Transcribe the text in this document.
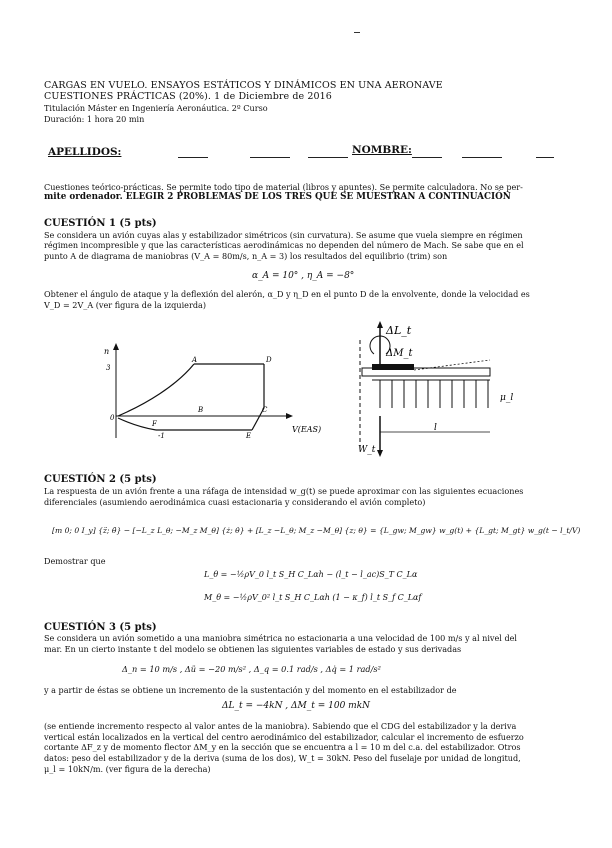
CARGAS EN VUELO. ENSAYOS ESTÁTICOS Y DINÁMICOS EN UNA AERONAVE
CUESTIONES PRÁCTICAS (20%). 1 de Diciembre de 2016
Titulación Máster en Ingeniería Aeronáutica. 2º Curso
Duración: 1 hora 20 min
APELLIDOS:	NOMBRE:
Cuestiones teórico-prácticas. Se permite todo tipo de material (libros y apuntes). Se permite calculadora. No se per-
mite ordenador. ELEGIR 2 PROBLEMAS DE LOS TRES QUE SE MUESTRAN A CONTINUACIÓN
CUESTIÓN 1 (5 pts)
Se considera un avión cuyas alas y estabilizador simétricos (sin curvatura). Se asume que vuela siempre en régimen
régimen incompresible y que las características aerodinámicas no dependen del número de Mach. Se sabe que en el
punto A de diagrama de maniobras (V_A = 80m/s, n_A = 3) los resultados del equilibrio (trim) son
α_A = 10° , η_A = −8°
Obtener el ángulo de ataque y la deflexión del alerón, α_D y η_D en el punto D de la envolvente, donde la velocidad es
V_D = 2V_A (ver figura de la izquierda)
n
3
0
-1
A
B	C
D
E
F
V(EAS)
ΔL_t
ΔM_t
μ_l
l
W_t
CUESTIÓN 2 (5 pts)
La respuesta de un avión frente a una ráfaga de intensidad w_g(t) se puede aproximar con las siguientes ecuaciones
diferenciales (asumiendo aerodinámica cuasi estacionaria y considerando el avión completo)
[m 0; 0 I_y] {z̈; θ̈} − [−L_z L_θ; −M_z M_θ] {ż; θ̇} + [L_z −L_θ; M_z −M_θ] {z; θ} = {L_gw; M_gw} w_g(t) + {L_gt; M_gt} w_g(t − l_t/V)
Demostrar que
L_θ = −½ρV_0 l_t S_H C_Lαh − (l_t − l_ac)S_T C_Lα
M_θ = −½ρV_0² l_t S_H C_Lαh (1 − κ_f) l_t S_f C_Lαf
CUESTIÓN 3 (5 pts)
Se considera un avión sometido a una maniobra simétrica no estacionaria a una velocidad de 100 m/s y al nivel del
mar. En un cierto instante t del modelo se obtienen las siguientes variables de estado y sus derivadas
Δ_n = 10 m/s , Δü = −20 m/s² , Δ_q = 0.1 rad/s , Δq̇ = 1 rad/s²
y a partir de éstas se obtiene un incremento de la sustentación y del momento en el estabilizador de
ΔL_t = −4kN , ΔM_t = 100 mkN
(se entiende incremento respecto al valor antes de la maniobra). Sabiendo que el CDG del estabilizador y la deriva
vertical están localizados en la vertical del centro aerodinámico del estabilizador, calcular el incremento de esfuerzo
cortante ΔF_z y de momento flector ΔM_y en la sección que se encuentra a l = 10 m del c.a. del estabilizador. Otros
datos: peso del estabilizador y de la deriva (suma de los dos), W_t = 30kN. Peso del fuselaje por unidad de longitud,
μ_l = 10kN/m. (ver figura de la derecha)
